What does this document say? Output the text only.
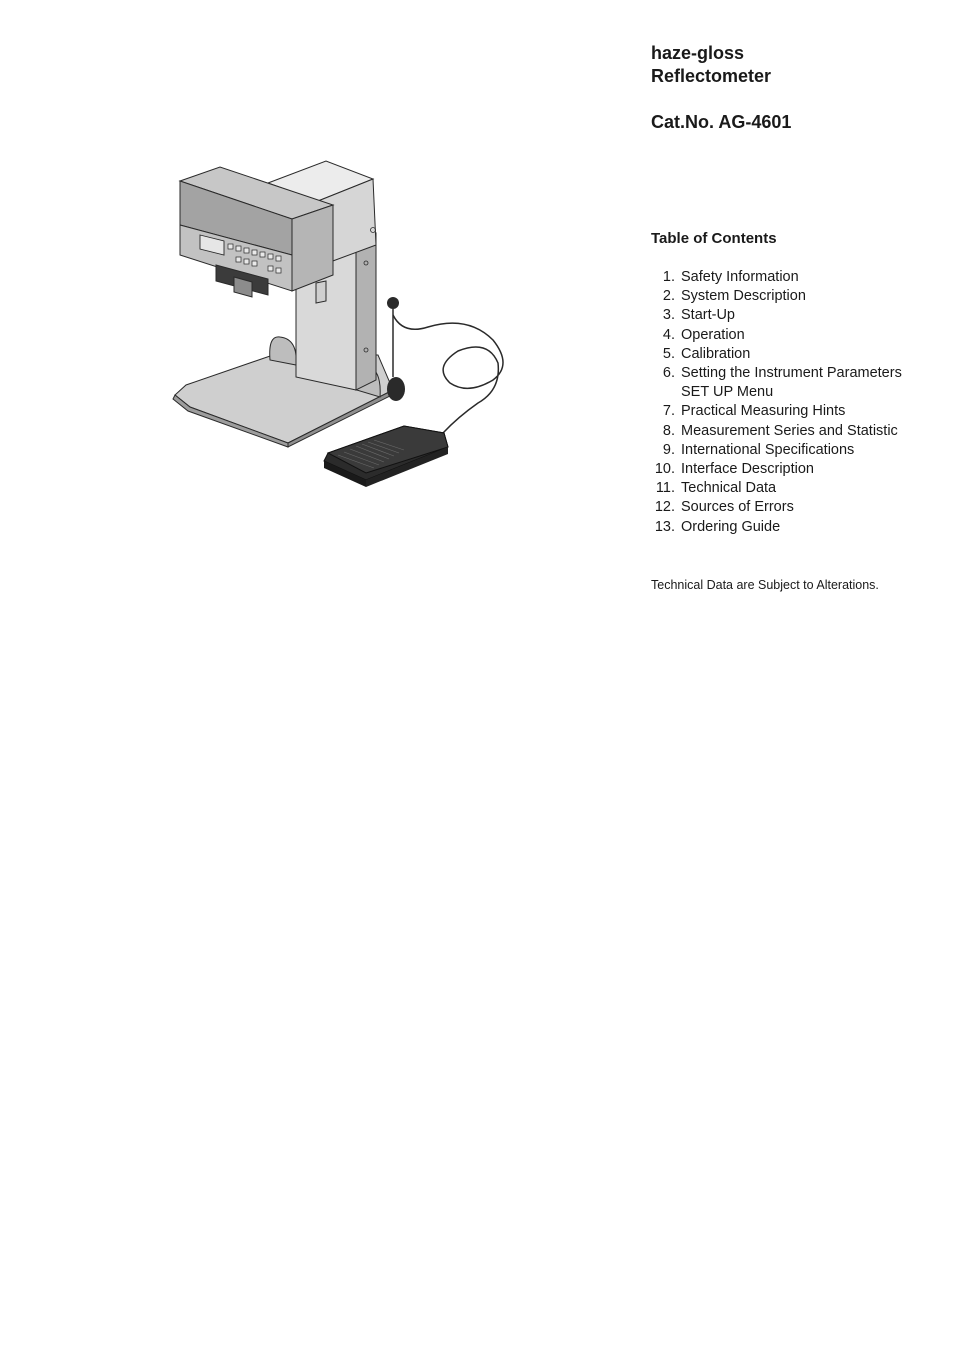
haze-gloss
Reflectometer
Cat.No. AG-4601
Table of Contents
1. Safety Information
2. System Description
3. Start-Up
4. Operation
5. Calibration
6. Setting the Instrument Parameters
SET UP Menu
7. Practical Measuring Hints
8. Measurement Series and Statistic
9. International Specifications
10. Interface Description
11. Technical Data
12. Sources of Errors
13. Ordering Guide
Technical Data are Subject to Alterations.
